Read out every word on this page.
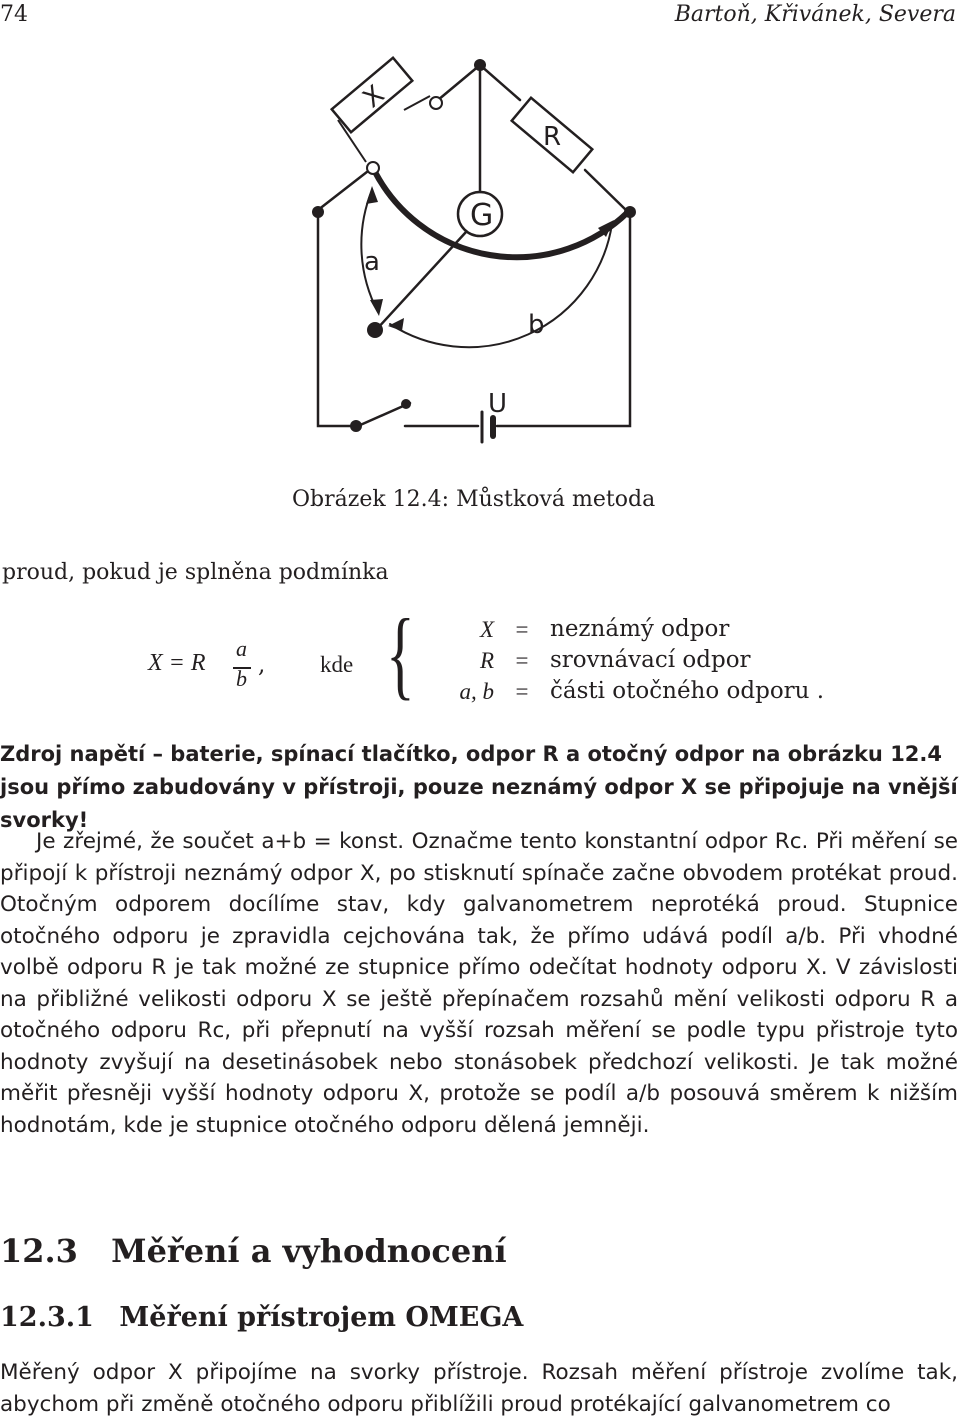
74	Bartoň, Křivánek, Severa
X
R
G
a
b
U
Obrázek 12.4: Můstková metoda
proud, pokud je splněna podmínka
X = R
a
b
, kde {	X	=	neznámý odpor
R	=	srovnávací odpor
a, b	=	části otočného odporu .
Zdroj napětí – baterie, spínací tlačítko, odpor R a otočný odpor na obrázku 12.4 jsou přímo zabudovány v přístroji, pouze neznámý odpor X se připojuje na vnější svorky!
Je zřejmé, že součet a+b = konst. Označme tento konstantní odpor Rc. Při měření se připojí k přístroji neznámý odpor X, po stisknutí spínače začne obvodem protékat proud. Otočným odporem docílíme stav, kdy galvanometrem neprotéká proud. Stupnice otočného odporu je zpravidla cejchována tak, že přímo udává podíl a/b. Při vhodné volbě odporu R je tak možné ze stupnice přímo odečítat hodnoty odporu X. V závislosti na přibližné velikosti odporu X se ještě přepínačem rozsahů mění velikosti odporu R a otočného odporu Rc, při přepnutí na vyšší rozsah měření se podle typu přistroje tyto hodnoty zvyšují na desetinásobek nebo stonásobek předchozí velikosti. Je tak možné měřit přesněji vyšší hodnoty odporu X, protože se podíl a/b posouvá směrem k nižším hodnotám, kde je stupnice otočného odporu dělená jemněji.
12.3 Měření a vyhodnocení
12.3.1 Měření přístrojem OMEGA
Měřený odpor X připojíme na svorky přístroje. Rozsah měření přístroje zvolíme tak, abychom při změně otočného odporu přiblížili proud protékající galvanometrem co
